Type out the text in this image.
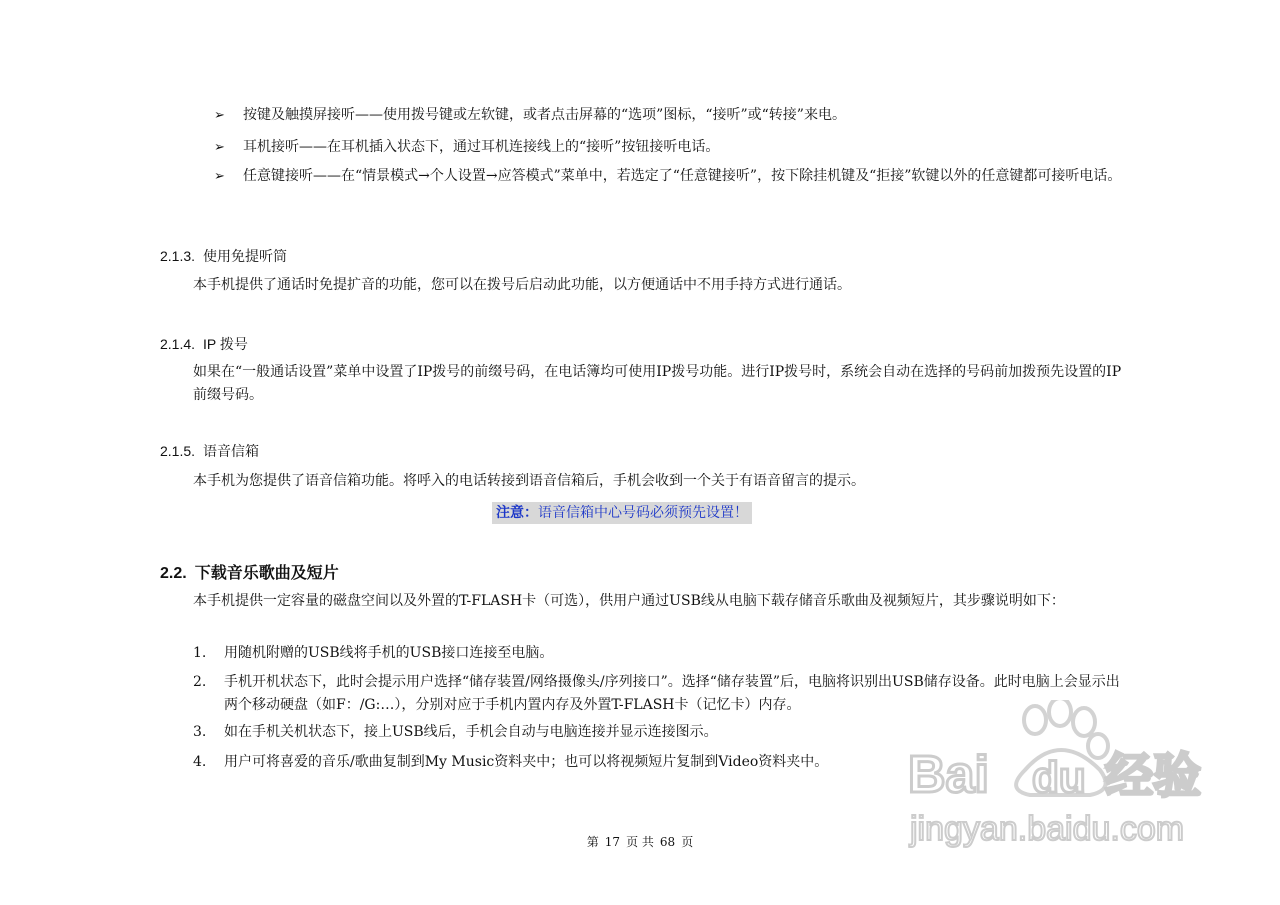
➢ 按键及触摸屏接听——使用拨号键或左软键，或者点击屏幕的“选项”图标，“接听”或“转接”来电。
➢ 耳机接听——在耳机插入状态下，通过耳机连接线上的“接听”按钮接听电话。
➢ 任意键接听——在“情景模式→个人设置→应答模式”菜单中，若选定了“任意键接听”，按下除挂机键及“拒接”软键以外的任意键都可接听电话。
2.1.3. 使用免提听筒
本手机提供了通话时免提扩音的功能，您可以在拨号后启动此功能，以方便通话中不用手持方式进行通话。
2.1.4. IP 拨号
如果在“一般通话设置”菜单中设置了IP拨号的前缀号码，在电话簿均可使用IP拨号功能。进行IP拨号时，系统会自动在选择的号码前加拨预先设置的IP前缀号码。
2.1.5. 语音信箱
本手机为您提供了语音信箱功能。将呼入的电话转接到语音信箱后，手机会收到一个关于有语音留言的提示。
注意：语音信箱中心号码必须预先设置！
2.2. 下载音乐歌曲及短片
本手机提供一定容量的磁盘空间以及外置的T-FLASH卡（可选），供用户通过USB线从电脑下载存储音乐歌曲及视频短片，其步骤说明如下：
1.	用随机附赠的USB线将手机的USB接口连接至电脑。
2.	手机开机状态下，此时会提示用户选择“储存装置/网络摄像头/序列接口”。选择“储存装置”后，电脑将识别出USB储存设备。此时电脑上会显示出两个移动硬盘（如F：/G:…），分别对应于手机内置内存及外置T-FLASH卡（记忆卡）内存。
3.	如在手机关机状态下，接上USB线后，手机会自动与电脑连接并显示连接图示。
4.	用户可将喜爱的音乐/歌曲复制到My Music资料夹中；也可以将视频短片复制到Video资料夹中。
第 17 页 共 68 页
Bai du 经验
jingyan.baidu.com
